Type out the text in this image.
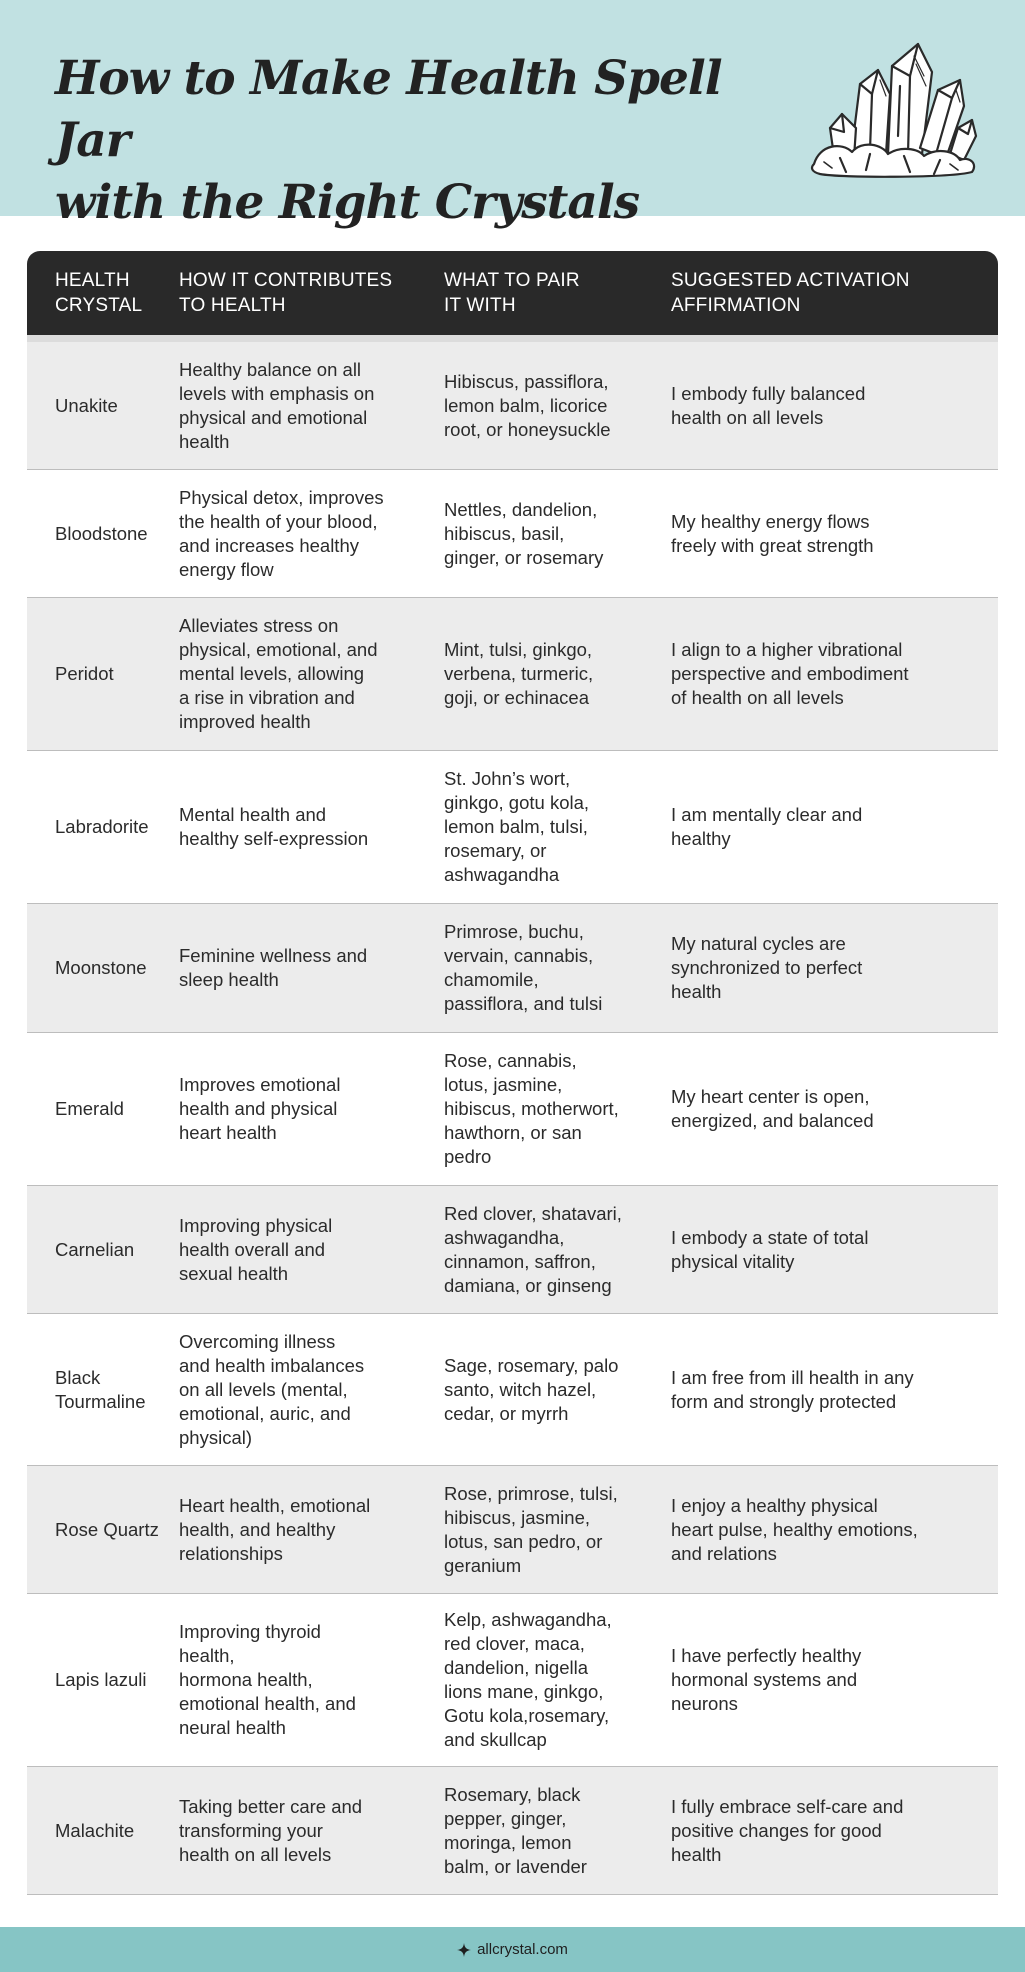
How to Make Health Spell Jar
with the Right Crystals
HEALTH
CRYSTAL
HOW IT CONTRIBUTES
TO HEALTH
WHAT TO PAIR
IT WITH
SUGGESTED ACTIVATION
AFFIRMATION
Unakite
Healthy balance on all
levels with emphasis on
physical and emotional
health
Hibiscus, passiflora,
lemon balm, licorice
root, or honeysuckle
I embody fully balanced
health on all levels
Bloodstone
Physical detox, improves
the health of your blood,
and increases healthy
energy flow
Nettles, dandelion,
hibiscus, basil,
ginger, or rosemary
My healthy energy flows
freely with great strength
Peridot
Alleviates stress on
physical, emotional, and
mental levels, allowing
a rise in vibration and
improved health
Mint, tulsi, ginkgo,
verbena, turmeric,
goji, or echinacea
I align to a higher vibrational
perspective and embodiment
of health on all levels
Labradorite
Mental health and
healthy self-expression
St. John’s wort,
ginkgo, gotu kola,
lemon balm, tulsi,
rosemary, or
ashwagandha
I am mentally clear and
healthy
Moonstone
Feminine wellness and
sleep health
Primrose, buchu,
vervain, cannabis,
chamomile,
passiflora, and tulsi
My natural cycles are
synchronized to perfect
health
Emerald
Improves emotional
health and physical
heart health
Rose, cannabis,
lotus, jasmine,
hibiscus, motherwort,
hawthorn, or san
pedro
My heart center is open,
energized, and balanced
Carnelian
Improving physical
health overall and
sexual health
Red clover, shatavari,
ashwagandha,
cinnamon, saffron,
damiana, or ginseng
I embody a state of total
physical vitality
Black
Tourmaline
Overcoming illness
and health imbalances
on all levels (mental,
emotional, auric, and
physical)
Sage, rosemary, palo
santo, witch hazel,
cedar, or myrrh
I am free from ill health in any
form and strongly protected
Rose Quartz
Heart health, emotional
health, and healthy
relationships
Rose, primrose, tulsi,
hibiscus, jasmine,
lotus, san pedro, or
geranium
I enjoy a healthy physical
heart pulse, healthy emotions,
and relations
Lapis lazuli
Improving thyroid
health,
hormona health,
emotional health, and
neural health
Kelp, ashwagandha,
red clover, maca,
dandelion, nigella
lions mane, ginkgo,
Gotu kola,rosemary,
and skullcap
I have perfectly healthy
hormonal systems and
neurons
Malachite
Taking better care and
transforming your
health on all levels
Rosemary, black
pepper, ginger,
moringa, lemon
balm, or lavender
I fully embrace self-care and
positive changes for good
health
allcrystal.com
